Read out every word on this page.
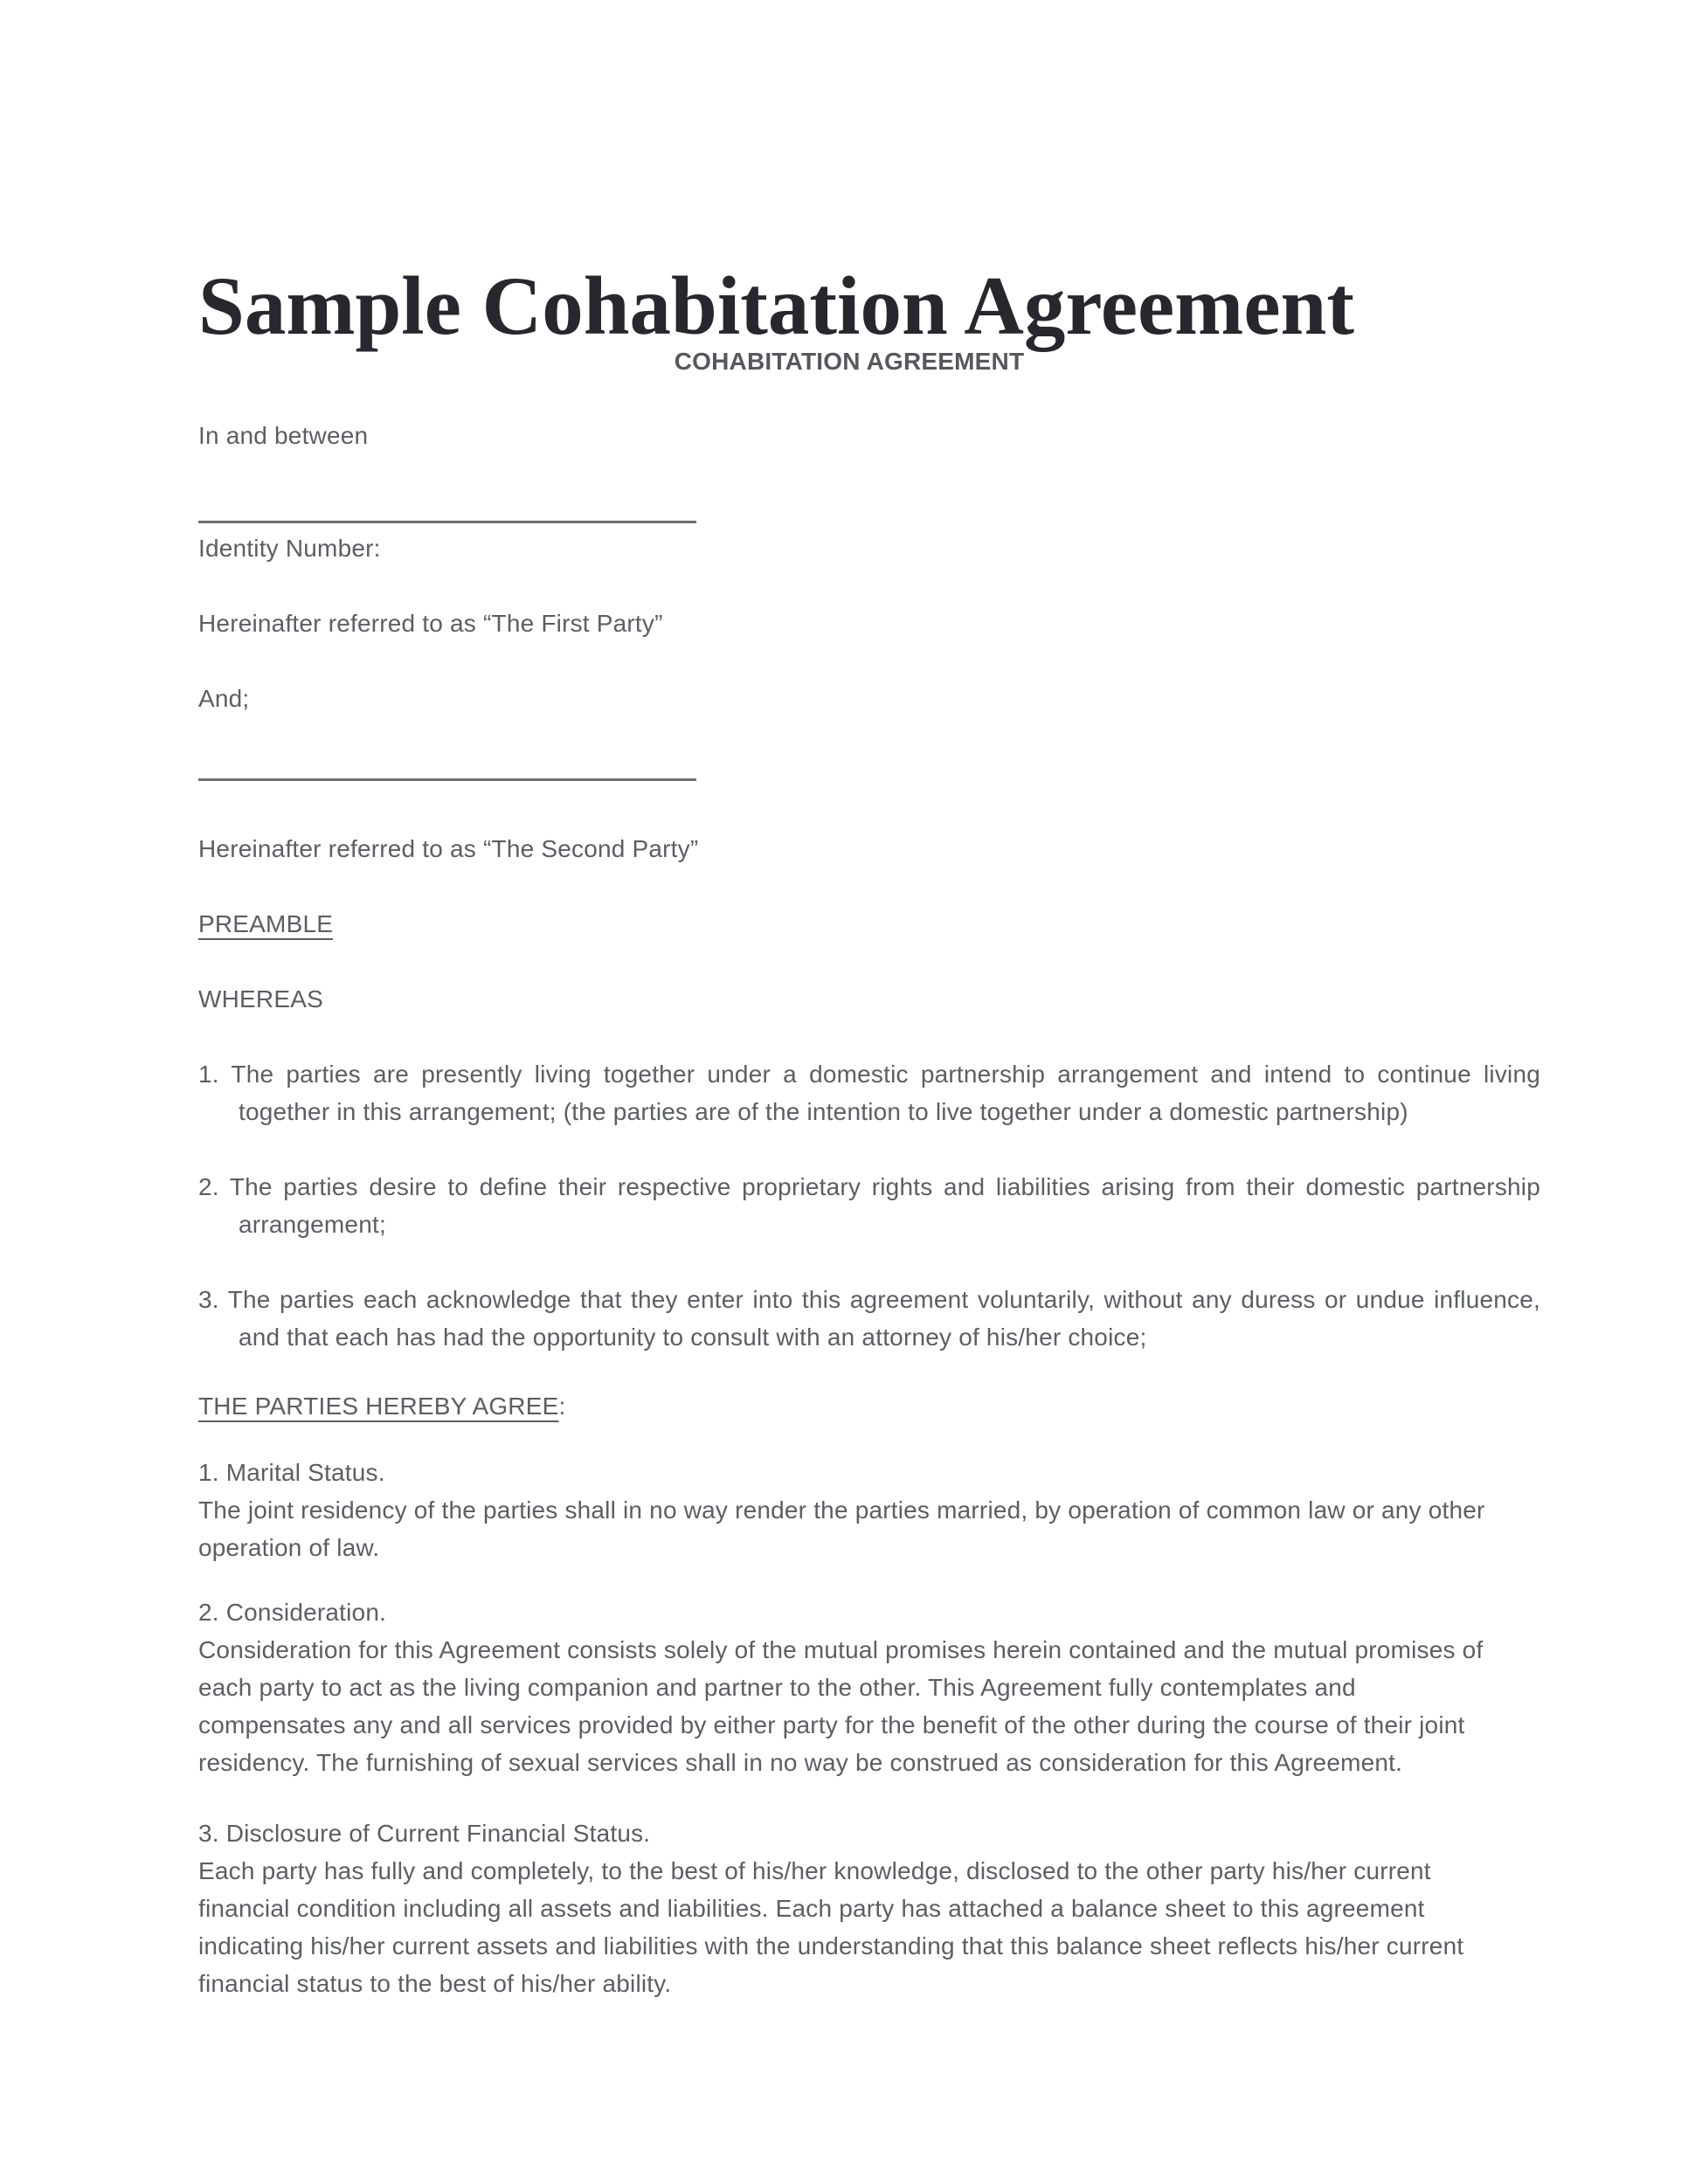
Sample Cohabitation Agreement
COHABITATION AGREEMENT
In and between
Identity Number:
Hereinafter referred to as “The First Party”
And;
Hereinafter referred to as “The Second Party”
PREAMBLE
WHEREAS
1. The parties are presently living together under a domestic partnership arrangement and intend to continue living together in this arrangement; (the parties are of the intention to live together under a domestic partnership)
2. The parties desire to define their respective proprietary rights and liabilities arising from their domestic partnership arrangement;
3. The parties each acknowledge that they enter into this agreement voluntarily, without any duress or undue influence, and that each has had the opportunity to consult with an attorney of his/her choice;
THE PARTIES HEREBY AGREE:
1. Marital Status.
The joint residency of the parties shall in no way render the parties married, by operation of common law or any other operation of law.
2. Consideration.
Consideration for this Agreement consists solely of the mutual promises herein contained and the mutual promises of each party to act as the living companion and partner to the other. This Agreement fully contemplates and compensates any and all services provided by either party for the benefit of the other during the course of their joint residency. The furnishing of sexual services shall in no way be construed as consideration for this Agreement.
3. Disclosure of Current Financial Status.
Each party has fully and completely, to the best of his/her knowledge, disclosed to the other party his/her current financial condition including all assets and liabilities. Each party has attached a balance sheet to this agreement indicating his/her current assets and liabilities with the understanding that this balance sheet reflects his/her current financial status to the best of his/her ability.
